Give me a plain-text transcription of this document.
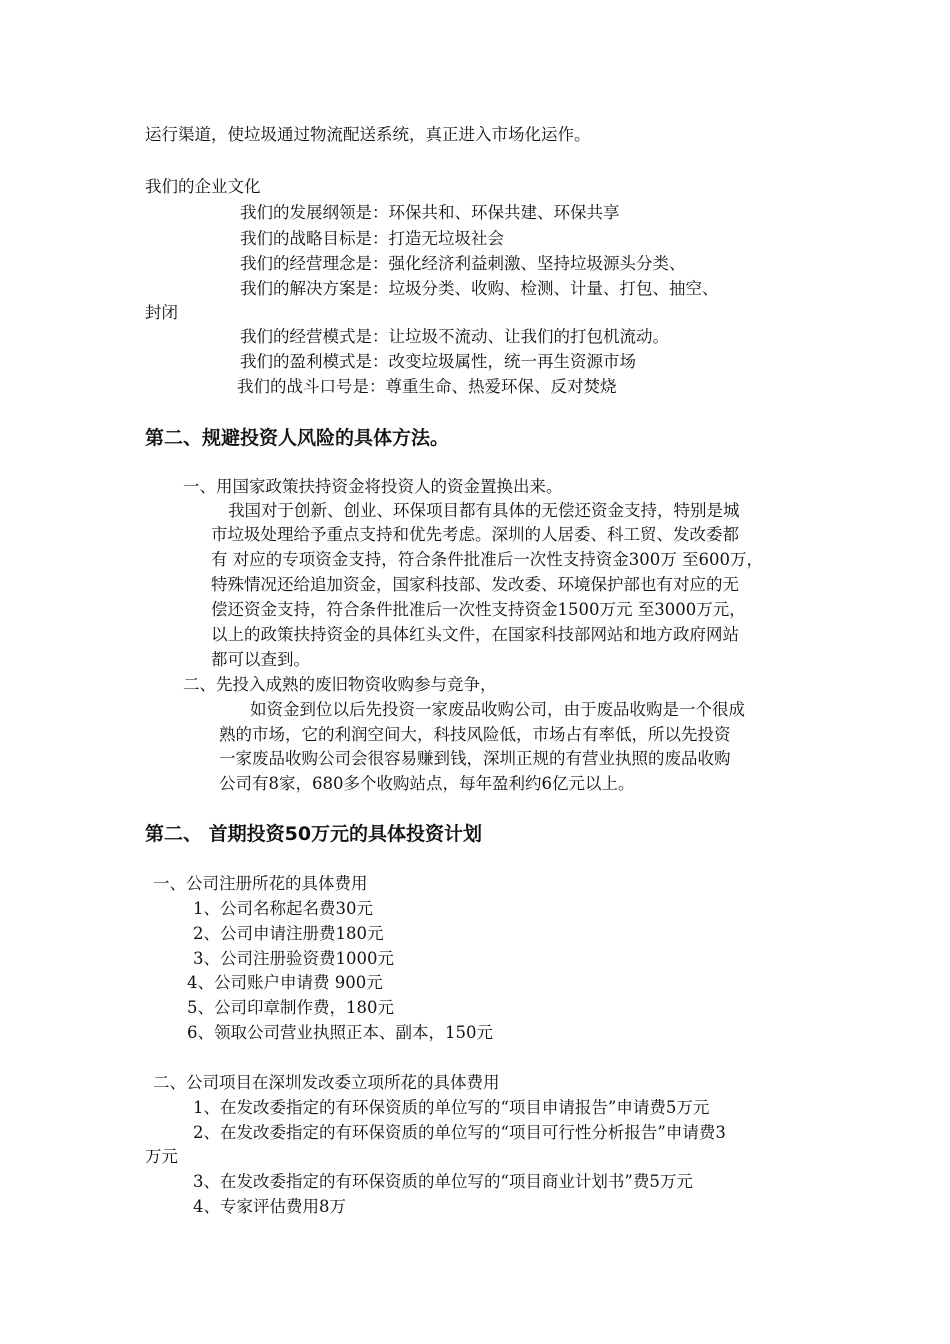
运行渠道，使垃圾通过物流配送系统，真正进入市场化运作。
我们的企业文化
我们的发展纲领是：环保共和、环保共建、环保共享
我们的战略目标是：打造无垃圾社会
我们的经营理念是：强化经济利益刺激、坚持垃圾源头分类、
我们的解决方案是：垃圾分类、收购、检测、计量、打包、抽空、
封闭
我们的经营模式是：让垃圾不流动、让我们的打包机流动。
我们的盈利模式是：改变垃圾属性，统一再生资源市场
我们的战斗口号是：尊重生命、热爱环保、反对焚烧
第二、规避投资人风险的具体方法。
一、用国家政策扶持资金将投资人的资金置换出来。
我国对于创新、创业、环保项目都有具体的无偿还资金支持，特别是城
市垃圾处理给予重点支持和优先考虑。深圳的人居委、科工贸、发改委都
有 对应的专项资金支持，符合条件批准后一次性支持资金300万 至600万，
特殊情况还给追加资金，国家科技部、发改委、环境保护部也有对应的无
偿还资金支持，符合条件批准后一次性支持资金1500万元 至3000万元，
以上的政策扶持资金的具体红头文件，在国家科技部网站和地方政府网站
都可以查到。
二、先投入成熟的废旧物资收购参与竞争，
如资金到位以后先投资一家废品收购公司，由于废品收购是一个很成
熟的市场，它的利润空间大，科技风险低，市场占有率低，所以先投资
一家废品收购公司会很容易赚到钱，深圳正规的有营业执照的废品收购
公司有8家，680多个收购站点，每年盈利约6亿元以上。
第二、 首期投资50万元的具体投资计划
一、公司注册所花的具体费用
1、公司名称起名费30元
2、公司申请注册费180元
3、公司注册验资费1000元
4、公司账户申请费 900元
5、公司印章制作费，180元
6、领取公司营业执照正本、副本，150元
二、公司项目在深圳发改委立项所花的具体费用
1、在发改委指定的有环保资质的单位写的“项目申请报告”申请费5万元
2、在发改委指定的有环保资质的单位写的“项目可行性分析报告”申请费3
万元
3、在发改委指定的有环保资质的单位写的“项目商业计划书”费5万元
4、专家评估费用8万
